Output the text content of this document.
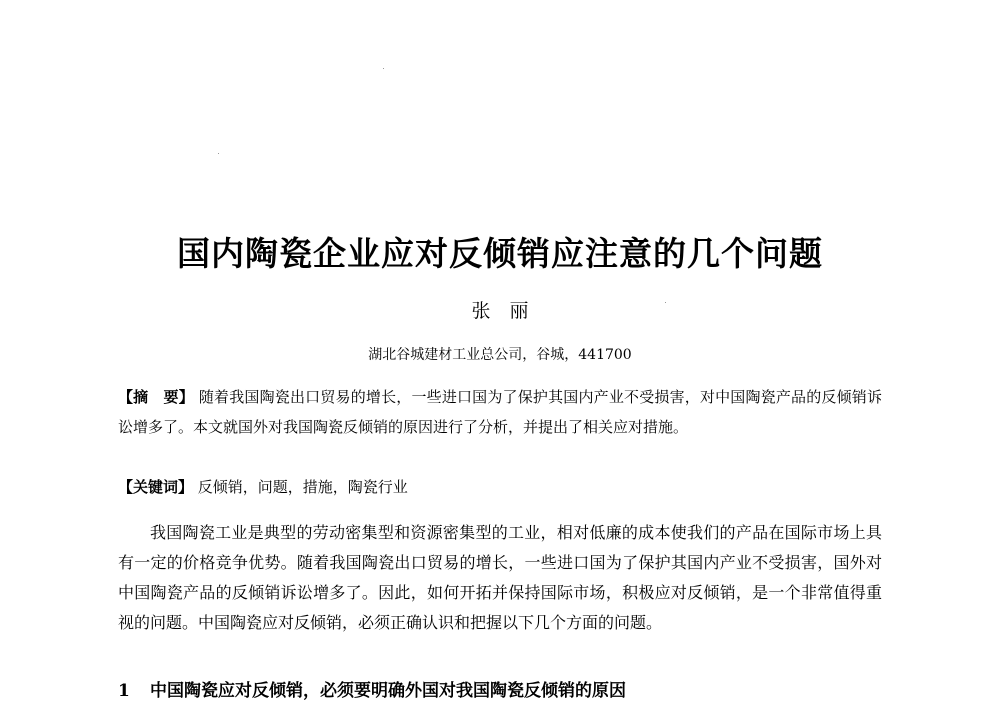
国内陶瓷企业应对反倾销应注意的几个问题
张　丽
湖北谷城建材工业总公司，谷城，441700
【摘　要】 随着我国陶瓷出口贸易的增长，一些进口国为了保护其国内产业不受损害，对中国陶瓷产品的反倾销诉讼增多了。本文就国外对我国陶瓷反倾销的原因进行了分析，并提出了相关应对措施。
【关键词】 反倾销，问题，措施，陶瓷行业
我国陶瓷工业是典型的劳动密集型和资源密集型的工业，相对低廉的成本使我们的产品在国际市场上具有一定的价格竞争优势。随着我国陶瓷出口贸易的增长，一些进口国为了保护其国内产业不受损害，国外对中国陶瓷产品的反倾销诉讼增多了。因此，如何开拓并保持国际市场，积极应对反倾销，是一个非常值得重视的问题。中国陶瓷应对反倾销，必须正确认识和把握以下几个方面的问题。
1 中国陶瓷应对反倾销，必须要明确外国对我国陶瓷反倾销的原因
